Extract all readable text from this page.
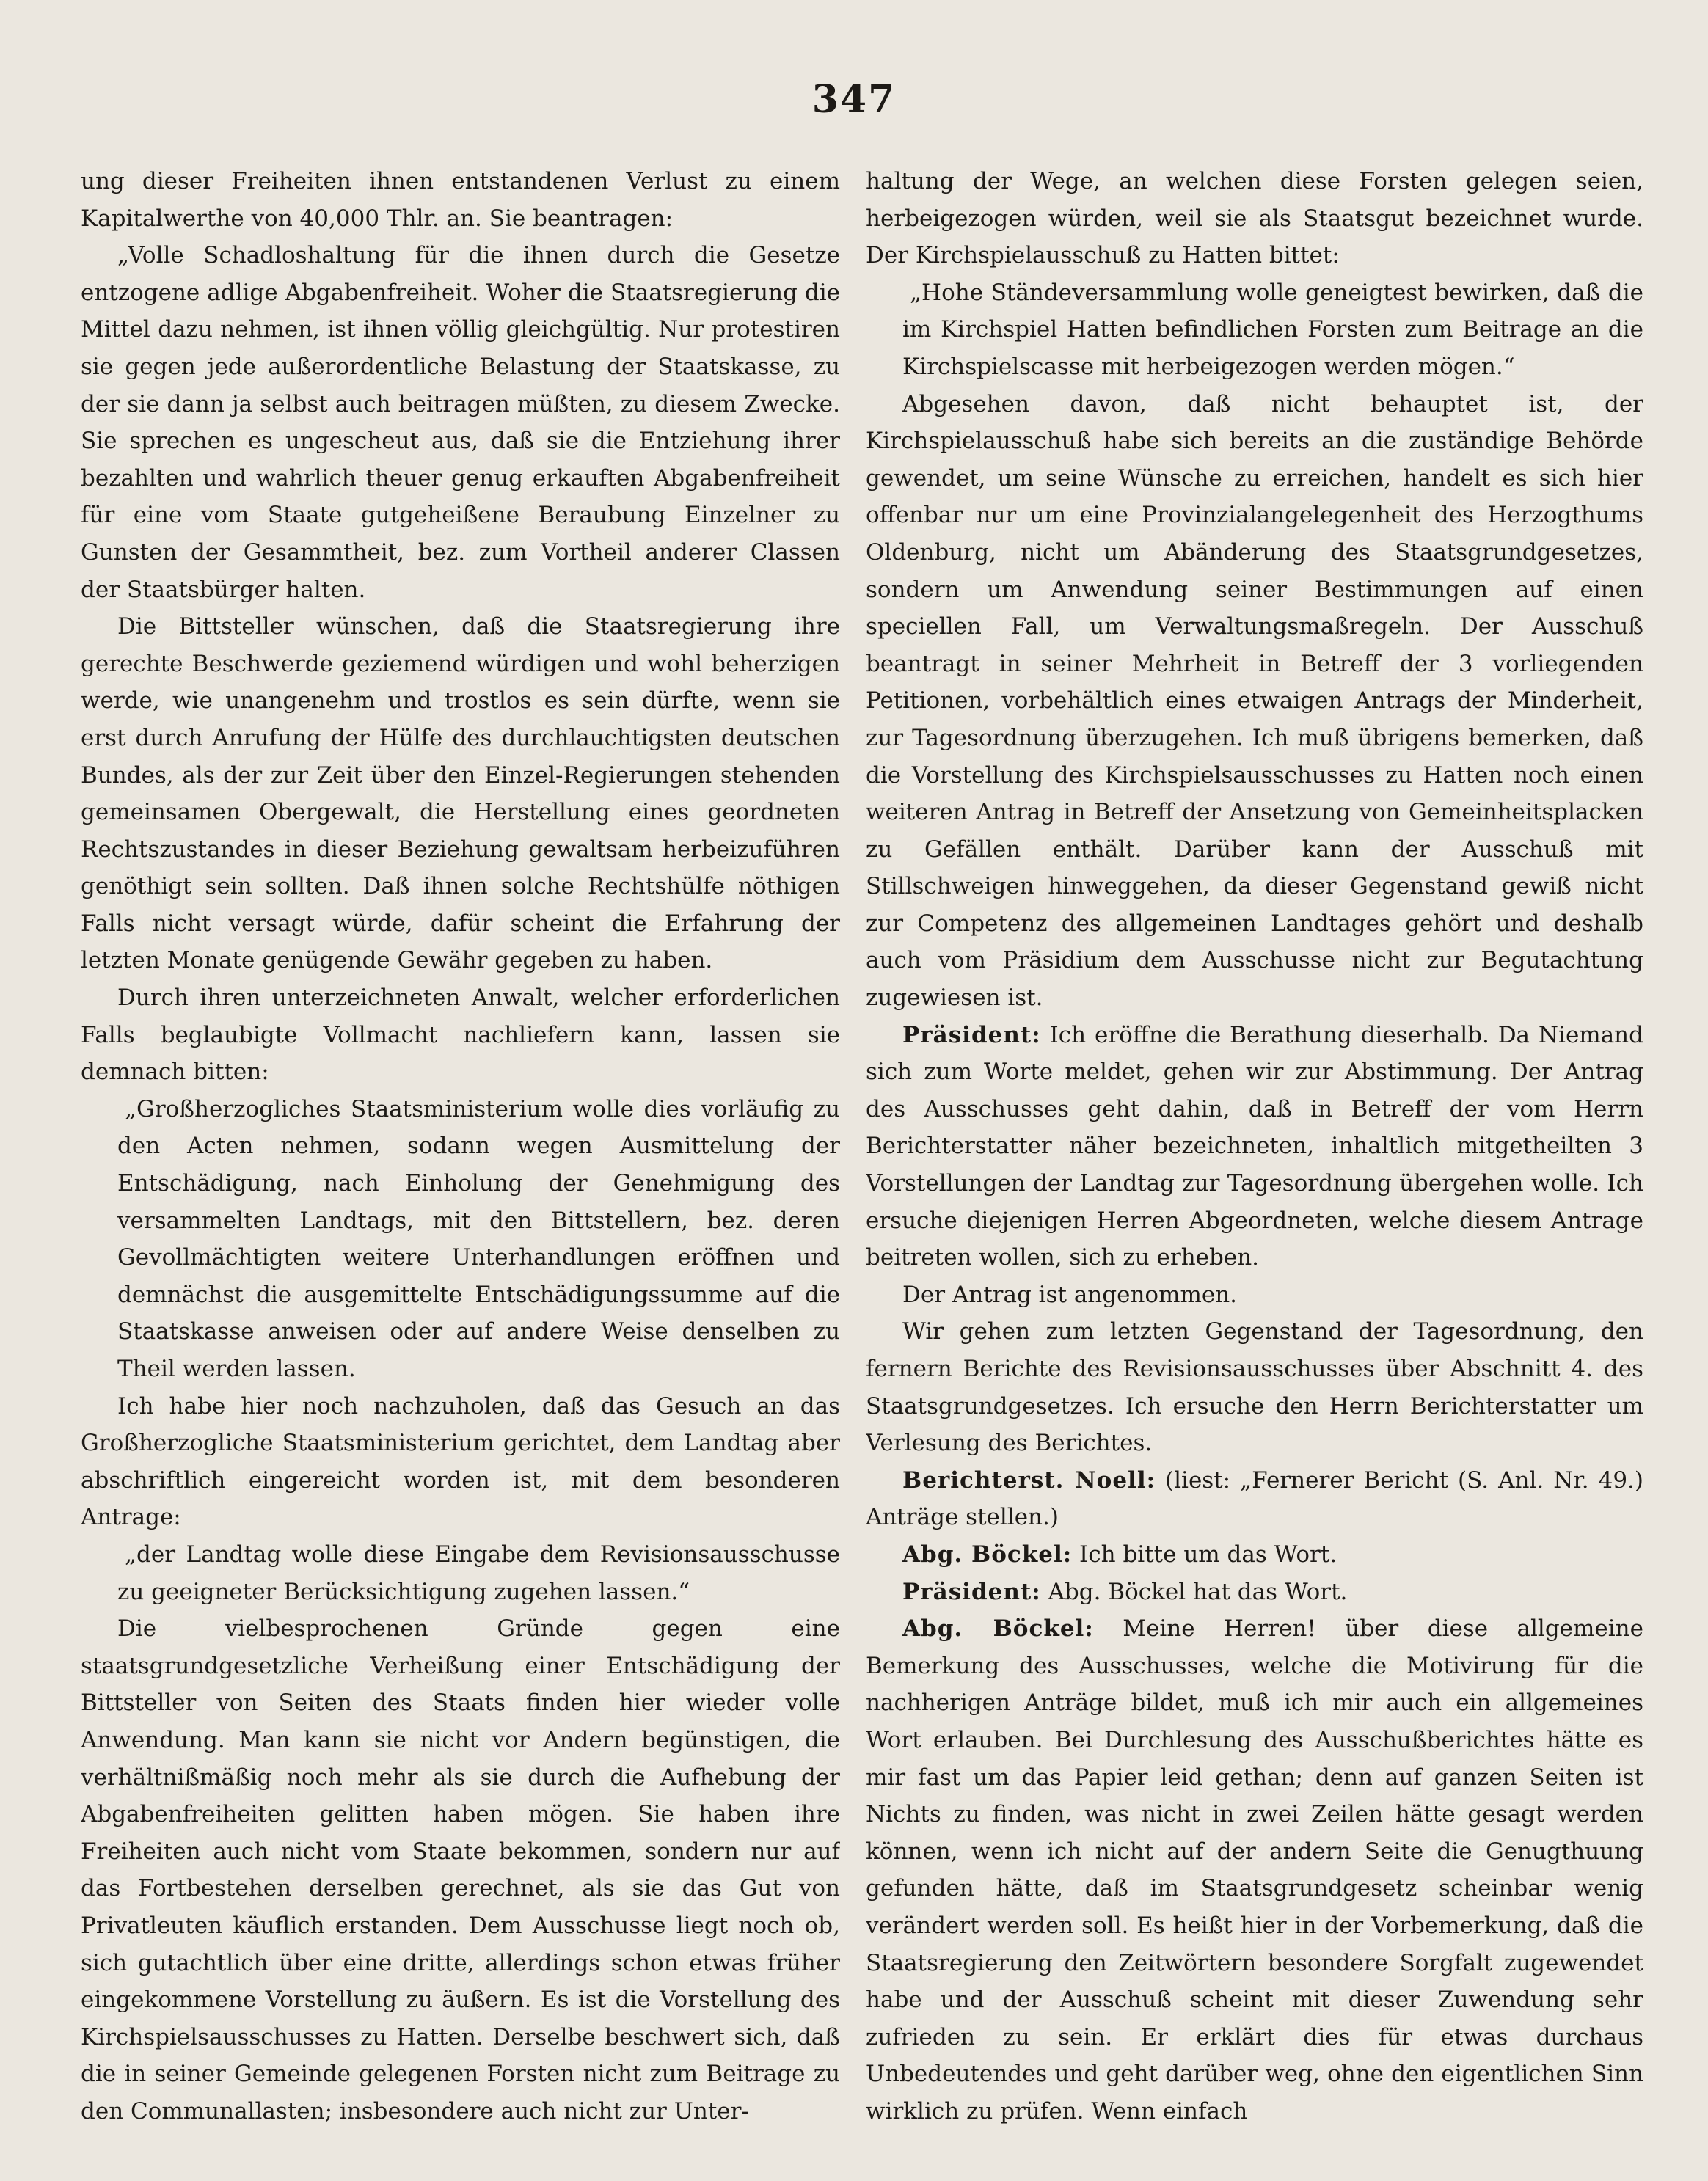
347

ung dieser Freiheiten ihnen entstandenen Verlust zu einem Kapitalwerthe von 40,000 Thlr. an. Sie beantragen:

„Volle Schadloshaltung für die ihnen durch die Gesetze entzogene adlige Abgabenfreiheit. Woher die Staatsregierung die Mittel dazu nehmen, ist ihnen völlig gleichgültig. Nur protestiren sie gegen jede außerordentliche Belastung der Staatskasse, zu der sie dann ja selbst auch beitragen müßten, zu diesem Zwecke. Sie sprechen es ungescheut aus, daß sie die Entziehung ihrer bezahlten und wahrlich theuer genug erkauften Abgabenfreiheit für eine vom Staate gutgeheißene Beraubung Einzelner zu Gunsten der Gesammtheit, bez. zum Vortheil anderer Classen der Staatsbürger halten.

Die Bittsteller wünschen, daß die Staatsregierung ihre gerechte Beschwerde geziemend würdigen und wohl beherzigen werde, wie unangenehm und trostlos es sein dürfte, wenn sie erst durch Anrufung der Hülfe des durchlauchtigsten deutschen Bundes, als der zur Zeit über den Einzel-Regierungen stehenden gemeinsamen Obergewalt, die Herstellung eines geordneten Rechtszustandes in dieser Beziehung gewaltsam herbeizuführen genöthigt sein sollten. Daß ihnen solche Rechtshülfe nöthigen Falls nicht versagt würde, dafür scheint die Erfahrung der letzten Monate genügende Gewähr gegeben zu haben.

Durch ihren unterzeichneten Anwalt, welcher erforderlichen Falls beglaubigte Vollmacht nachliefern kann, lassen sie demnach bitten:

„Großherzogliches Staatsministerium wolle dies vorläufig zu den Acten nehmen, sodann wegen Ausmittelung der Entschädigung, nach Einholung der Genehmigung des versammelten Landtags, mit den Bittstellern, bez. deren Gevollmächtigten weitere Unterhandlungen eröffnen und demnächst die ausgemittelte Entschädigungssumme auf die Staatskasse anweisen oder auf andere Weise denselben zu Theil werden lassen.

Ich habe hier noch nachzuholen, daß das Gesuch an das Großherzogliche Staatsministerium gerichtet, dem Landtag aber abschriftlich eingereicht worden ist, mit dem besonderen Antrage:

„der Landtag wolle diese Eingabe dem Revisionsausschusse zu geeigneter Berücksichtigung zugehen lassen.“

Die vielbesprochenen Gründe gegen eine staatsgrundgesetzliche Verheißung einer Entschädigung der Bittsteller von Seiten des Staats finden hier wieder volle Anwendung. Man kann sie nicht vor Andern begünstigen, die verhältnißmäßig noch mehr als sie durch die Aufhebung der Abgabenfreiheiten gelitten haben mögen. Sie haben ihre Freiheiten auch nicht vom Staate bekommen, sondern nur auf das Fortbestehen derselben gerechnet, als sie das Gut von Privatleuten käuflich erstanden. Dem Ausschusse liegt noch ob, sich gutachtlich über eine dritte, allerdings schon etwas früher eingekommene Vorstellung zu äußern. Es ist die Vorstellung des Kirchspielsausschusses zu Hatten. Derselbe beschwert sich, daß die in seiner Gemeinde gelegenen Forsten nicht zum Beitrage zu den Communallasten; insbesondere auch nicht zur Unter-

haltung der Wege, an welchen diese Forsten gelegen seien, herbeigezogen würden, weil sie als Staatsgut bezeichnet wurde. Der Kirchspielausschuß zu Hatten bittet:

„Hohe Ständeversammlung wolle geneigtest bewirken, daß die im Kirchspiel Hatten befindlichen Forsten zum Beitrage an die Kirchspielscasse mit herbeigezogen werden mögen.“

Abgesehen davon, daß nicht behauptet ist, der Kirchspielausschuß habe sich bereits an die zuständige Behörde gewendet, um seine Wünsche zu erreichen, handelt es sich hier offenbar nur um eine Provinzialangelegenheit des Herzogthums Oldenburg, nicht um Abänderung des Staatsgrundgesetzes, sondern um Anwendung seiner Bestimmungen auf einen speciellen Fall, um Verwaltungsmaßregeln. Der Ausschuß beantragt in seiner Mehrheit in Betreff der 3 vorliegenden Petitionen, vorbehältlich eines etwaigen Antrags der Minderheit, zur Tagesordnung überzugehen. Ich muß übrigens bemerken, daß die Vorstellung des Kirchspielsausschusses zu Hatten noch einen weiteren Antrag in Betreff der Ansetzung von Gemeinheitsplacken zu Gefällen enthält. Darüber kann der Ausschuß mit Stillschweigen hinweggehen, da dieser Gegenstand gewiß nicht zur Competenz des allgemeinen Landtages gehört und deshalb auch vom Präsidium dem Ausschusse nicht zur Begutachtung zugewiesen ist.

Präsident: Ich eröffne die Berathung dieserhalb. Da Niemand sich zum Worte meldet, gehen wir zur Abstimmung. Der Antrag des Ausschusses geht dahin, daß in Betreff der vom Herrn Berichterstatter näher bezeichneten, inhaltlich mitgetheilten 3 Vorstellungen der Landtag zur Tagesordnung übergehen wolle. Ich ersuche diejenigen Herren Abgeordneten, welche diesem Antrage beitreten wollen, sich zu erheben.

Der Antrag ist angenommen.

Wir gehen zum letzten Gegenstand der Tagesordnung, den fernern Berichte des Revisionsausschusses über Abschnitt 4. des Staatsgrundgesetzes. Ich ersuche den Herrn Berichterstatter um Verlesung des Berichtes.

Berichterst. Noell: (liest: „Fernerer Bericht (S. Anl. Nr. 49.) Anträge stellen.)

Abg. Böckel: Ich bitte um das Wort.

Präsident: Abg. Böckel hat das Wort.

Abg. Böckel: Meine Herren! über diese allgemeine Bemerkung des Ausschusses, welche die Motivirung für die nachherigen Anträge bildet, muß ich mir auch ein allgemeines Wort erlauben. Bei Durchlesung des Ausschußberichtes hätte es mir fast um das Papier leid gethan; denn auf ganzen Seiten ist Nichts zu finden, was nicht in zwei Zeilen hätte gesagt werden können, wenn ich nicht auf der andern Seite die Genugthuung gefunden hätte, daß im Staatsgrundgesetz scheinbar wenig verändert werden soll. Es heißt hier in der Vorbemerkung, daß die Staatsregierung den Zeitwörtern besondere Sorgfalt zugewendet habe und der Ausschuß scheint mit dieser Zuwendung sehr zufrieden zu sein. Er erklärt dies für etwas durchaus Unbedeutendes und geht darüber weg, ohne den eigentlichen Sinn wirklich zu prüfen. Wenn einfach
